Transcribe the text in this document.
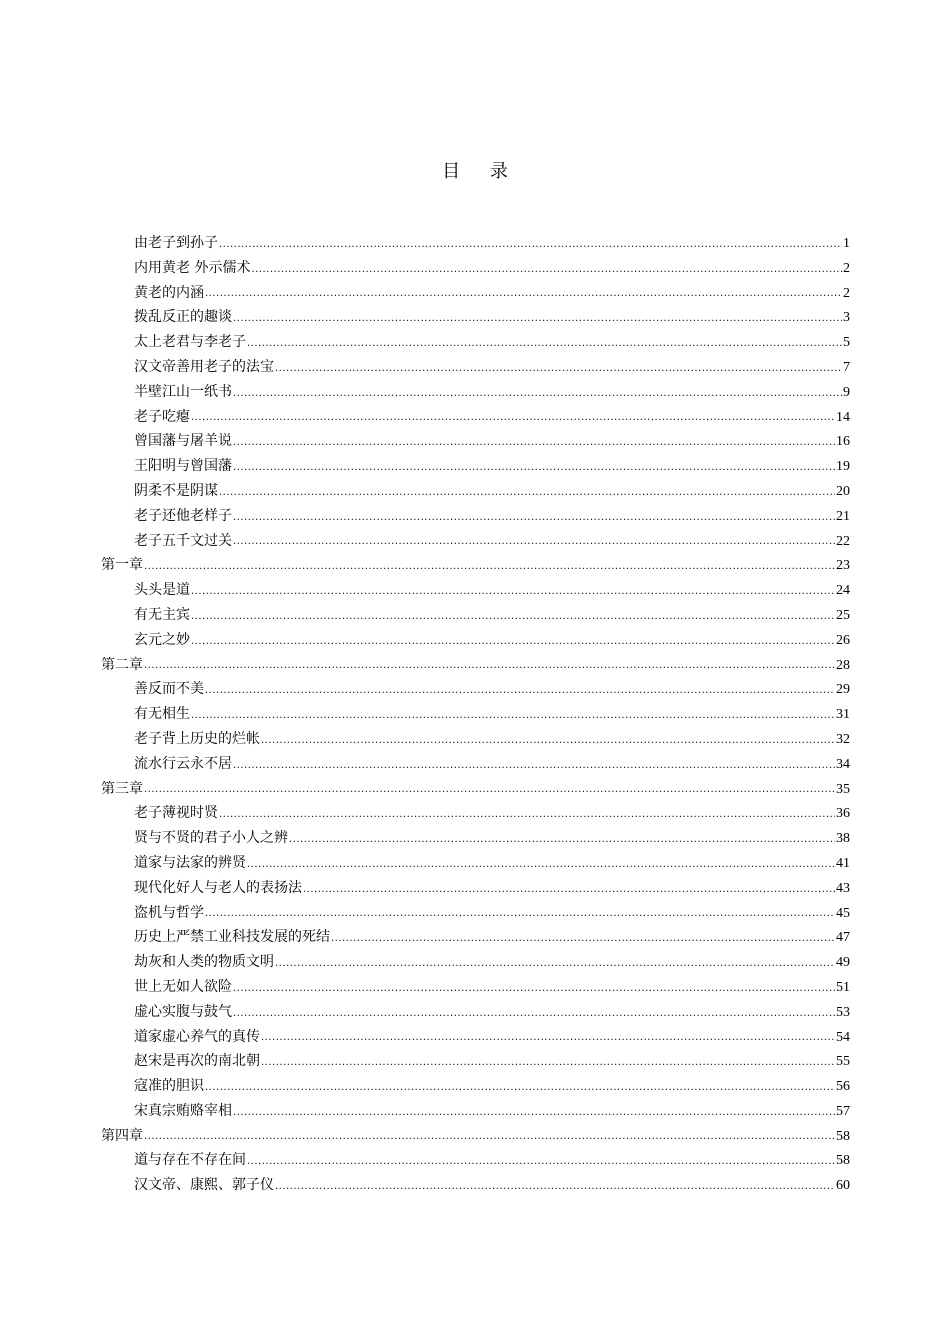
目 录
由老子到孙子 .....	1
内用黄老 外示儒术 .....	2
黄老的内涵 .....	2
拨乱反正的趣谈 .....	3
太上老君与李老子 .....	5
汉文帝善用老子的法宝 .....	7
半壁江山一纸书 .....	9
老子吃瘪 .....	14
曾国藩与屠羊说 .....	16
王阳明与曾国藩 .....	19
阴柔不是阴谋 .....	20
老子还他老样子 .....	21
老子五千文过关 .....	22
第一章 .....	23
头头是道 .....	24
有无主宾 .....	25
玄元之妙 .....	26
第二章 .....	28
善反而不美 .....	29
有无相生 .....	31
老子背上历史的烂帐 .....	32
流水行云永不居 .....	34
第三章 .....	35
老子薄视时贤 .....	36
贤与不贤的君子小人之辨 .....	38
道家与法家的辨贤 .....	41
现代化好人与老人的表扬法 .....	43
盗机与哲学 .....	45
历史上严禁工业科技发展的死结 .....	47
劫灰和人类的物质文明 .....	49
世上无如人欲险 .....	51
虚心实腹与鼓气 .....	53
道家虚心养气的真传 .....	54
赵宋是再次的南北朝 .....	55
寇准的胆识 .....	56
宋真宗贿赂宰相 .....	57
第四章 .....	58
道与存在不存在间 .....	58
汉文帝、康熙、郭子仪 .....	60
